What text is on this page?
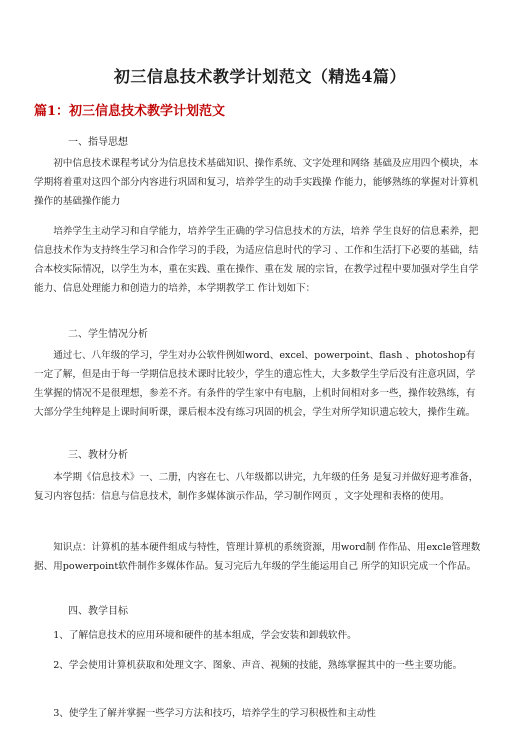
初三信息技术教学计划范文（精选4篇）
篇1：初三信息技术教学计划范文
一、指导思想

初中信息技术课程考试分为信息技术基础知识、操作系统、文字处理和网络 基础及应用四个模块，本学期将着重对这四个部分内容进行巩固和复习，培养学生的动手实践操 作能力，能够熟练的掌握对计算机操作的基础操作能力

培养学生主动学习和自学能力，培养学生正确的学习信息技术的方法，培养 学生良好的信息素养，把信息技术作为支持终生学习和合作学习的手段，为适应信息时代的学习 、工作和生活打下必要的基础，结合本校实际情况，以学生为本，重在实践、重在操作、重在发 展的宗旨，在教学过程中要加强对学生自学能力、信息处理能力和创造力的培养，本学期教学工 作计划如下：

二、学生情况分析

通过七、八年级的学习，学生对办公软件例如word、excel、powerpoint、flash 、photoshop有一定了解，但是由于每一学期信息技术课时比较少，学生的遗忘性大，大多数学生学后没有注意巩固，学生掌握的情况不是很理想，参差不齐。有条件的学生家中有电脑，上机时间相对多一些，操作较熟练，有大部分学生纯粹是上课时间听课，课后根本没有练习巩固的机会，学生对所学知识遗忘较大，操作生疏。

三、教材分析

本学期《信息技术》一、二册，内容在七、八年级都以讲完，九年级的任务 是复习并做好迎考准备，复习内容包括：信息与信息技术，制作多媒体演示作品，学习制作网页 ，文字处理和表格的使用。

知识点：计算机的基本硬件组成与特性，管理计算机的系统资源，用word制 作作品、用excle管理数据、用powerpoint软件制作多媒体作品。复习完后九年级的学生能运用自己 所学的知识完成一个作品。

四、教学目标

1、了解信息技术的应用环境和硬件的基本组成，学会安装和卸载软件。

2、学会使用计算机获取和处理文字、图象、声音、视频的技能，熟练掌握其中的一些主要功能。

3、使学生了解并掌握一些学习方法和技巧，培养学生的学习积极性和主动性
